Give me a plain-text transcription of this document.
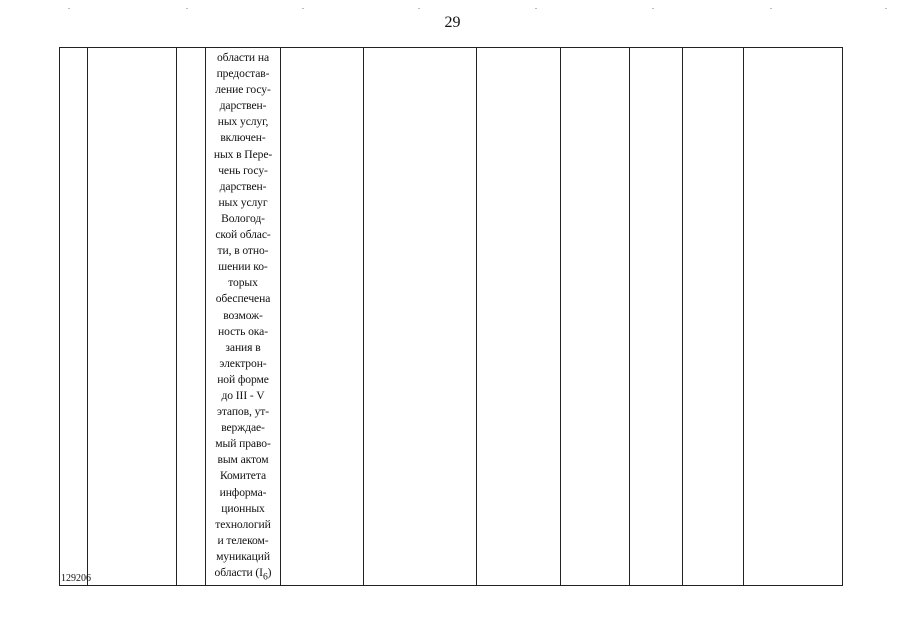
29

области на
предостав-
ление госу-
дарствен-
ных услуг,
включен-
ных в Пере-
чень госу-
дарствен-
ных услуг
Вологод-
ской облас-
ти, в отно-
шении ко-
торых
обеспечена
возмож-
ность ока-
зания в
электрон-
ной форме
до III - V
этапов, ут-
верждае-
мый право-
вым актом
Комитета
информа-
ционных
технологий
и телеком-
муникаций
области $(I_6)$

129206
